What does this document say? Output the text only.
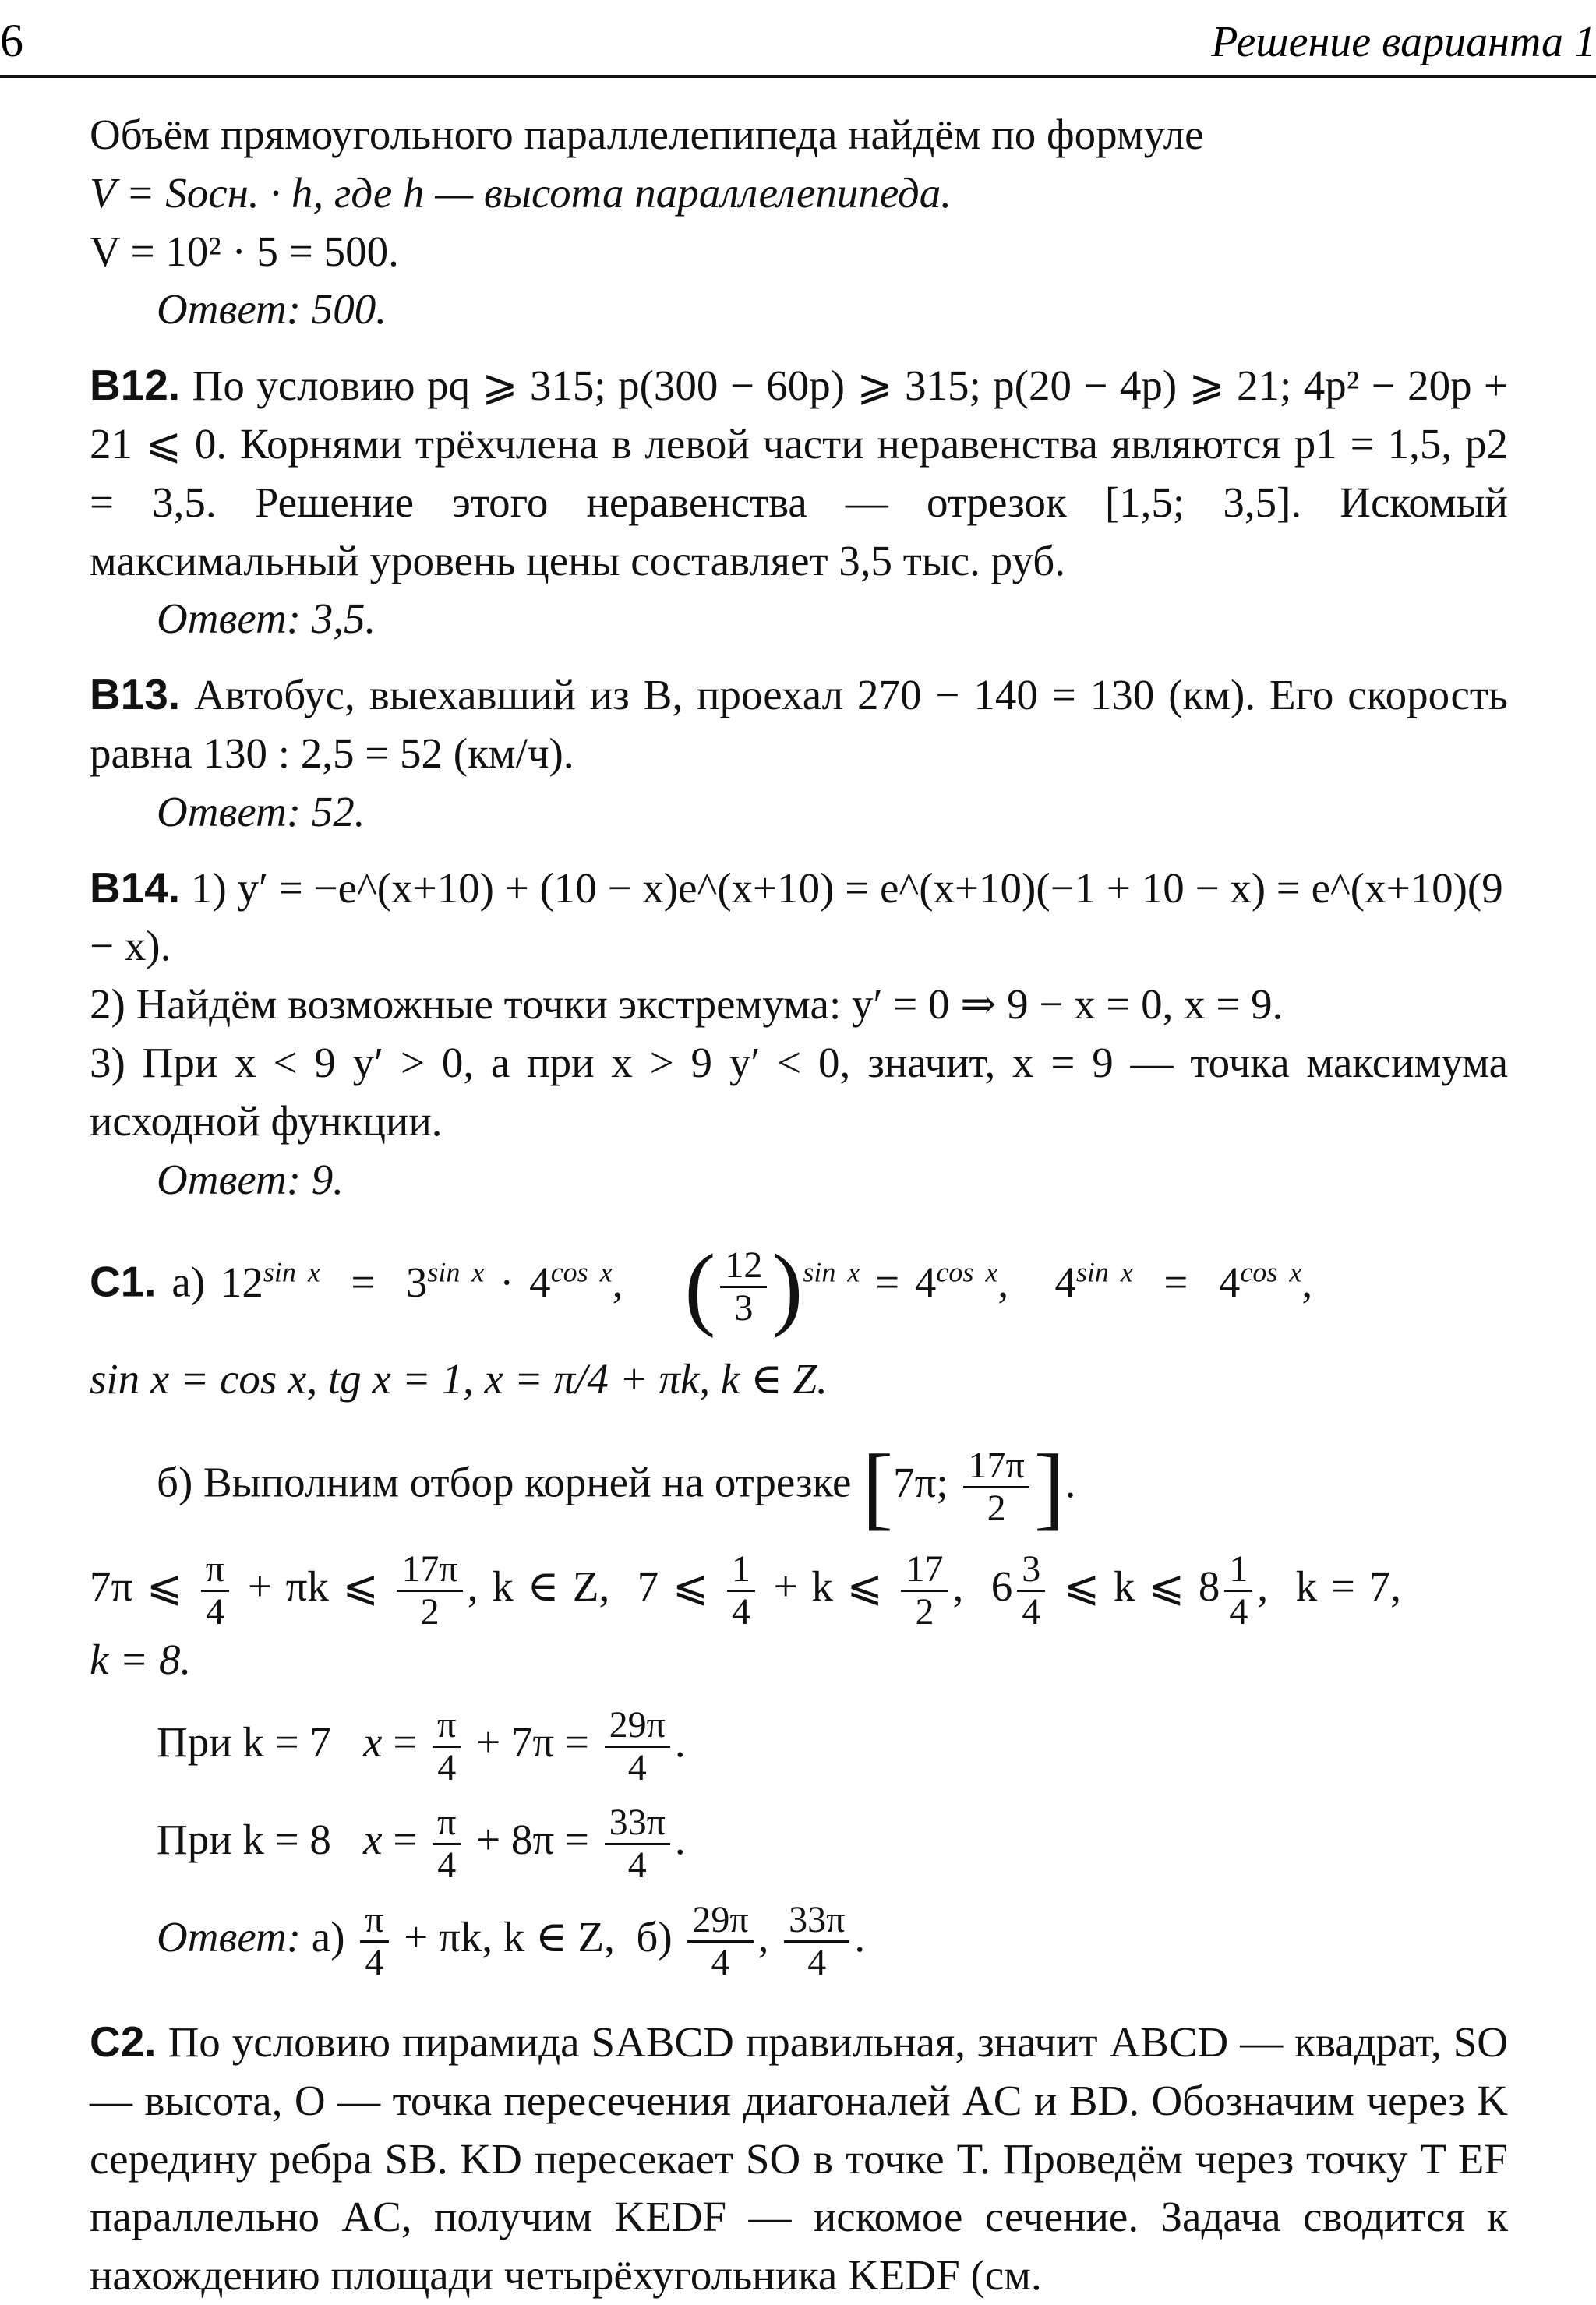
6	Решение варианта 1

Объём прямоугольного параллелепипеда найдём по формуле

V = Sосн. · h, где h — высота параллелепипеда.

V = 10² · 5 = 500.

Ответ: 500.

B12. По условию pq ⩾ 315; p(300 − 60p) ⩾ 315; p(20 − 4p) ⩾ 21; 4p² − 20p + 21 ⩽ 0. Корнями трёхчлена в левой части неравенства являются p1 = 1,5, p2 = 3,5. Решение этого неравенства — отрезок [1,5; 3,5]. Искомый максимальный уровень цены составляет 3,5 тыс. руб.

Ответ: 3,5.

B13. Автобус, выехавший из B, проехал 270 − 140 = 130 (км). Его скорость равна 130 : 2,5 = 52 (км/ч).

Ответ: 52.

B14. 1) y′ = −e^(x+10) + (10 − x)e^(x+10) = e^(x+10)(−1 + 10 − x) = e^(x+10)(9 − x).

2) Найдём возможные точки экстремума: y′ = 0 ⇒ 9 − x = 0, x = 9.

3) При x < 9 y′ > 0, а при x > 9 y′ < 0, значит, x = 9 — точка максимума исходной функции.

Ответ: 9.

C1. а) $12^{sin x} = 3^{sin x} \cdot 4^{cos x}$,    ( $\frac{12}{3} )^{sin x} = 4^{cos x}$,   $4^{sin x} = 4^{cos x}$,

sin x = cos x, tg x = 1, x = π/4 + πk, k ∈ Z.

б) Выполним отбор корней на отрезке [7π; $\frac{17\pi}{2}$ ].

7π ⩽ $\frac{\pi}{4} + \pi k$ ⩽ $\frac{17\pi}{2}$ , k ∈ Z,  7 ⩽ $\frac{1}{4} + k$ ⩽ $\frac{17}{2}$ ,  $6 \frac{3}{4}$ ⩽ k ⩽ $8 \frac{1}{4}$ ,  k = 7,

k = 8.

При k = 7 $x = \frac{\pi}{4} + 7\pi = \frac{29\pi}{4}$ .

При k = 8 $x = \frac{\pi}{4} + 8\pi = \frac{33\pi}{4}$ .

Ответ: $а) \frac{\pi}{4} + \pi k$, k ∈ Z,  $б) \frac{29\pi}{4}$ , $\frac{33\pi}{4}$ .

C2. По условию пирамида SABCD правильная, значит ABCD — квадрат, SO — высота, O — точка пересечения диагоналей AC и BD. Обозначим через K середину ребра SB. KD пересекает SO в точке T. Проведём через точку T EF параллельно AC, получим KEDF — искомое сечение. Задача сводится к нахождению площади четырёхугольника KEDF (см.
